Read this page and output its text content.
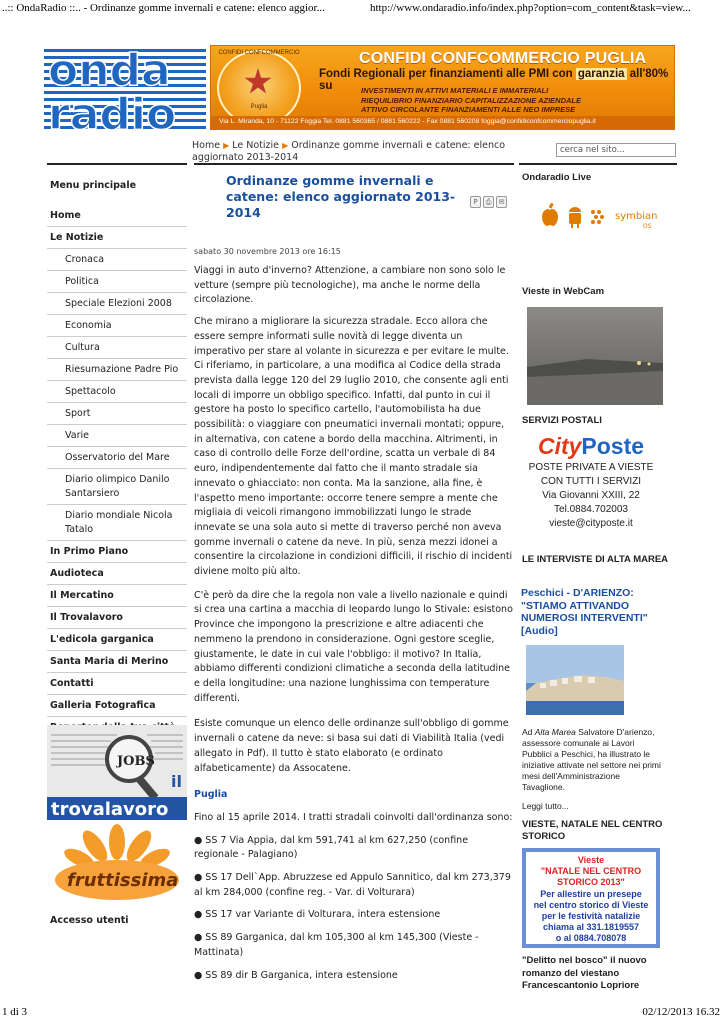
..:: OndaRadio ::.. - Ordinanze gomme invernali e catene: elenco aggior...	http://www.ondaradio.info/index.php?option=com_content&task=view...
onda
radio
CONFIDI CONFCOMMERCIO
Puglia
CONFIDI CONFCOMMERCIO PUGLIA
Fondi Regionali per finanziamenti alle PMI con garanzia all'80% su	INVESTIMENTI IN ATTIVI MATERIALI E IMMATERIALI
RIEQUILIBRIO FINANZIARIO CAPITALIZZAZIONE AZIENDALE
ATTIVO CIRCOLANTE FINANZIAMENTI ALLE NEO IMPRESE
Via L. Miranda, 10 - 71122 Foggia Tel. 0881 560365 / 0881 560222 - Fax 0881 560208 foggia@confidiconfcommerciopuglia.it
Home ▶ Le Notizie ▶ Ordinanze gomme invernali e catene: elenco aggiornato 2013-2014
cerca nel sito...
Menu principale
Home
Le Notizie
Cronaca
Politica
Speciale Elezioni 2008
Economia
Cultura
Riesumazione Padre Pio
Spettacolo
Sport
Varie
Osservatorio del Mare
Diario olimpico Danilo Santarsiero
Diario mondiale Nicola Tatalo
In Primo Piano
Audioteca
Il Mercatino
Il Trovalavoro
L'edicola garganica
Santa Maria di Merino
Contatti
Galleria Fotografica
JOBS
il
trovalavoro
fruttissima
Accesso utenti
Ordinanze gomme invernali e catene: elenco aggiornato 2013-2014
P ⎙ ✉
sabato 30 novembre 2013 ore 16:15

Viaggi in auto d'inverno? Attenzione, a cambiare non sono solo le vetture (sempre più tecnologiche), ma anche le norme della circolazione.

Che mirano a migliorare la sicurezza stradale. Ecco allora che essere sempre informati sulle novità di legge diventa un imperativo per stare al volante in sicurezza e per evitare le multe. Ci riferiamo, in particolare, a una modifica al Codice della strada prevista dalla legge 120 del 29 luglio 2010, che consente agli enti locali di imporre un obbligo specifico. Infatti, dal punto in cui il gestore ha posto lo specifico cartello, l'automobilista ha due possibilità: o viaggiare con pneumatici invernali montati; oppure, in alternativa, con catene a bordo della macchina. Altrimenti, in caso di controllo delle Forze dell'ordine, scatta un verbale di 84 euro, indipendentemente dal fatto che il manto stradale sia innevato o ghiacciato: non conta. Ma la sanzione, alla fine, è l'aspetto meno importante: occorre tenere sempre a mente che migliaia di veicoli rimangono immobilizzati lungo le strade innevate se una sola auto si mette di traverso perché non aveva gomme invernali o catene da neve. In più, senza mezzi idonei a consentire la circolazione in condizioni difficili, il rischio di incidenti diviene molto più alto.

C'è però da dire che la regola non vale a livello nazionale e quindi si crea una cartina a macchia di leopardo lungo lo Stivale: esistono Province che impongono la prescrizione e altre adiacenti che nemmeno la prendono in considerazione. Ogni gestore sceglie, giustamente, le date in cui vale l'obbligo: il motivo? In Italia, abbiamo differenti condizioni climatiche a seconda della latitudine e della longitudine: una nazione lunghissima con temperature differenti.

Esiste comunque un elenco delle ordinanze sull'obbligo di gomme invernali o catene da neve: si basa sui dati di Viabilità Italia (vedi allegato in Pdf). Il tutto è stato elaborato (e ordinato alfabeticamente) da Assocatene.

Puglia

Fino al 15 aprile 2014. I tratti stradali coinvolti dall'ordinanza sono:

● SS 7 Via Appia, dal km 591,741 al km 627,250 (confine regionale - Palagiano)

● SS 17 Dell`App. Abruzzese ed Appulo Sannitico, dal km 273,379 al km 284,000 (confine reg. - Var. di Volturara)

● SS 17 var Variante di Volturara, intera estensione

● SS 89 Garganica, dal km 105,300 al km 145,300 (Vieste - Mattinata)

● SS 89 dir B Garganica, intera estensione

Ondaradio Live
symbian
OS
Vieste in WebCam
SERVIZI POSTALI
CityPoste
POSTE PRIVATE A VIESTE
CON TUTTI I SERVIZI
Via Giovanni XXIII, 22
Tel.0884.702003
vieste@cityposte.it
LE INTERVISTE DI ALTA MAREA
Peschici - D'ARIENZO: "STIAMO ATTIVANDO NUMEROSI INTERVENTI" [Audio]
Ad Alta Marea Salvatore D'arienzo, assessore comunale ai Lavori Pubblici a Peschici, ha illustrato le iniziative attivate nel settore nei primi mesi dell'Amministrazione Tavaglione.
Leggi tutto...
VIESTE, NATALE NEL CENTRO STORICO
Vieste
"NATALE NEL CENTRO
STORICO 2013"
Per allestire un presepe
nel centro storico di Vieste
per le festività natalizie
chiama al 331.1819557
o al 0884.708078
"Delitto nel bosco" il nuovo romanzo del viestano Francescantonio Lopriore
1 di 3	02/12/2013 16.32
